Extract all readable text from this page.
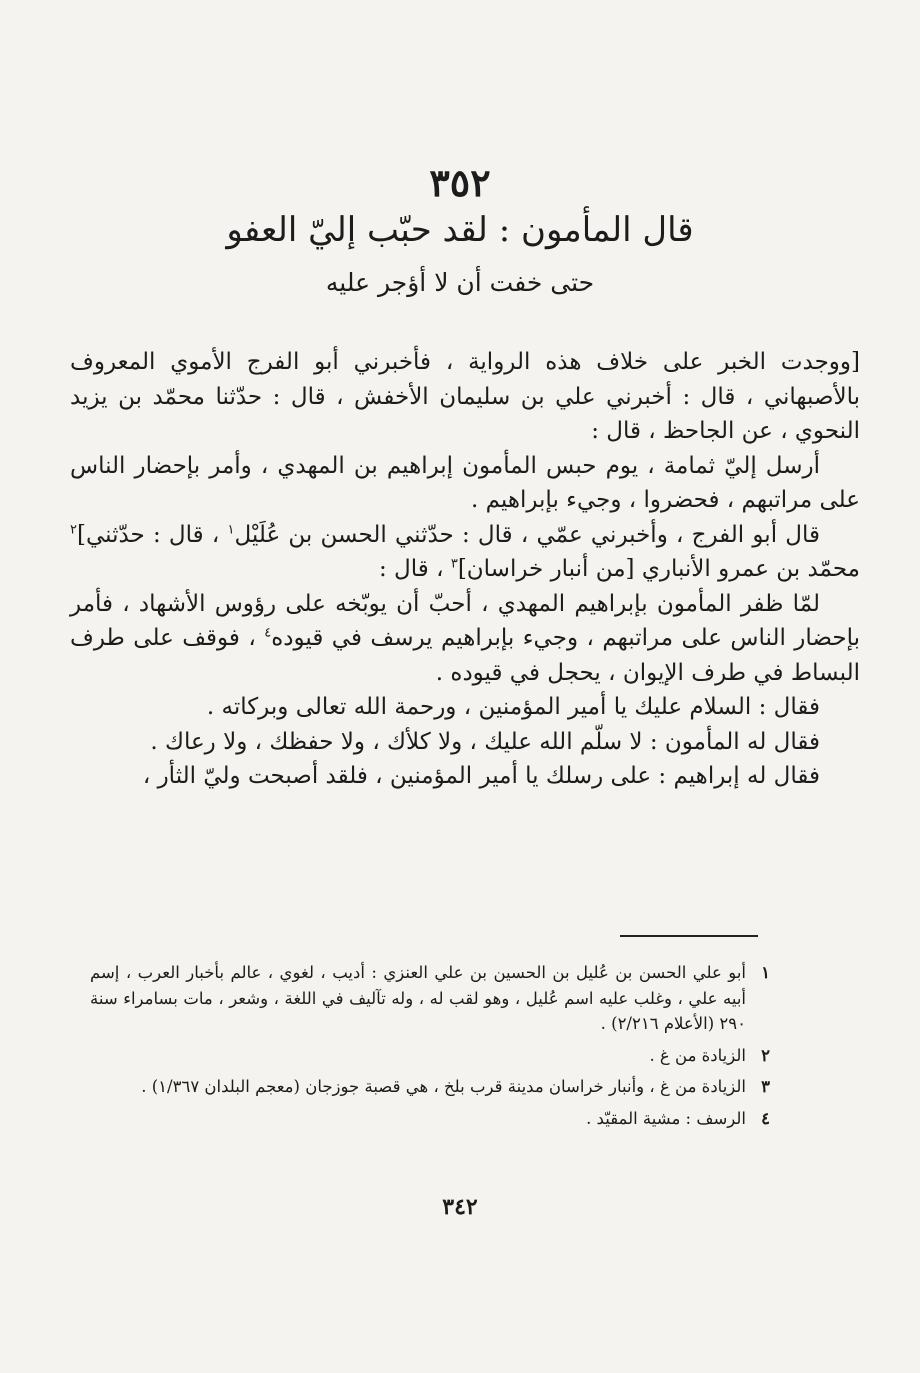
٣٥٢
قال المأمون : لقد حبّب إليّ العفو
حتى خفت أن لا أؤجر عليه

[ووجدت الخبر على خلاف هذه الرواية ، فأخبرني أبو الفرج الأموي المعروف بالأصبهاني ، قال : أخبرني علي بن سليمان الأخفش ، قال : حدّثنا محمّد بن يزيد النحوي ، عن الجاحظ ، قال :

أرسل إليّ ثمامة ، يوم حبس المأمون إبراهيم بن المهدي ، وأمر بإحضار الناس على مراتبهم ، فحضروا ، وجيء بإبراهيم .

قال أبو الفرج ، وأخبرني عمّي ، قال : حدّثني الحسن بن عُلَيْل$^١$ ، قال : حدّثني]$^٢$ محمّد بن عمرو الأنباري [من أنبار خراسان]$^٣$ ، قال :

لمّا ظفر المأمون بإبراهيم المهدي ، أحبّ أن يوبّخه على رؤوس الأشهاد ، فأمر بإحضار الناس على مراتبهم ، وجيء بإبراهيم يرسف في قيوده$^٤$ ، فوقف على طرف البساط في طرف الإيوان ، يحجل في قيوده .

فقال : السلام عليك يا أمير المؤمنين ، ورحمة الله تعالى وبركاته .

فقال له المأمون : لا سلّم الله عليك ، ولا كلأك ، ولا حفظك ، ولا رعاك .

فقال له إبراهيم : على رسلك يا أمير المؤمنين ، فلقد أصبحت وليّ الثأر ،

١
أبو علي الحسن بن عُليل بن الحسين بن علي العنزي : أديب ، لغوي ، عالم بأخبار العرب ، إسم أبيه علي ، وغلب عليه اسم عُليل ، وهو لقب له ، وله تآليف في اللغة ، وشعر ، مات بسامراء سنة ٢٩٠ (الأعلام ٢/٢١٦) .
٢
الزيادة من غ .
٣
الزيادة من غ ، وأنبار خراسان مدينة قرب بلخ ، هي قصبة جوزجان (معجم البلدان ١/٣٦٧) .
٤
الرسف : مشية المقيّد .
٣٤٢
